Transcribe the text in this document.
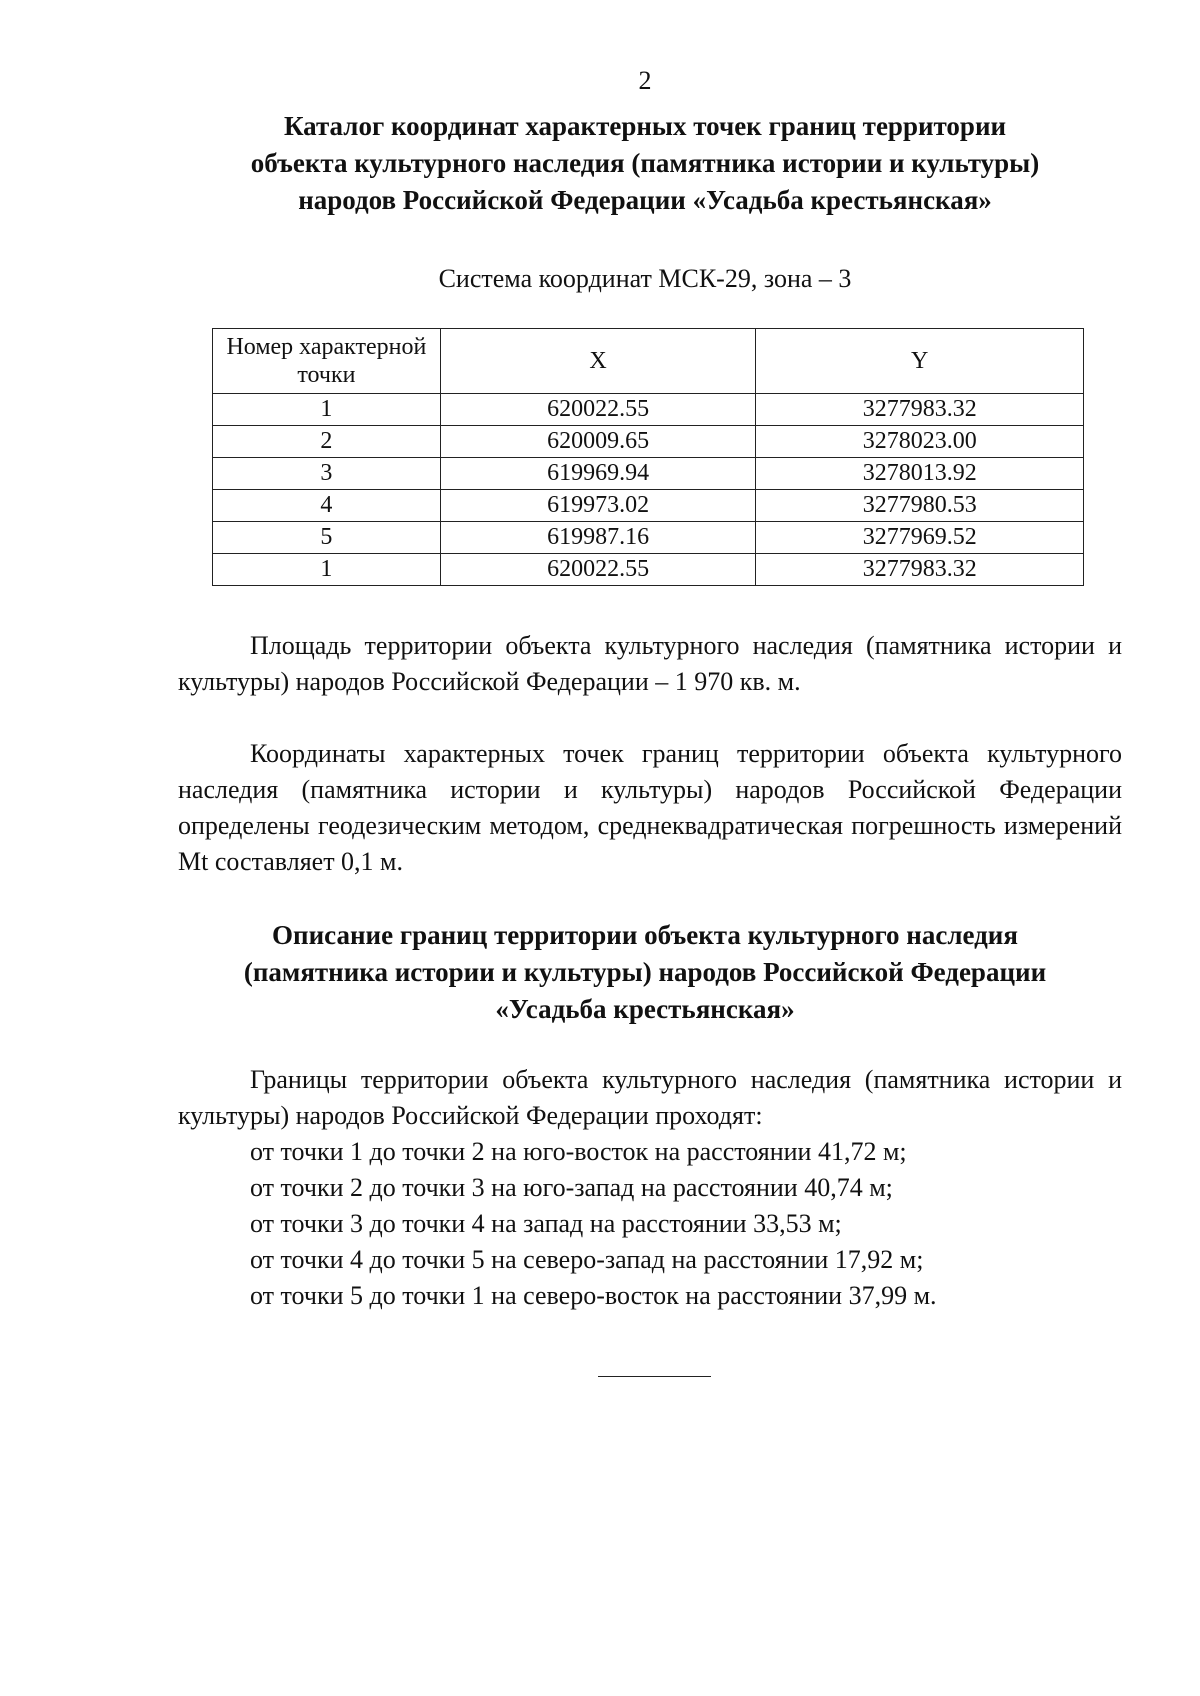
2
Каталог координат характерных точек границ территории
объекта культурного наследия (памятника истории и культуры)
народов Российской Федерации «Усадьба крестьянская»
Система координат МСК-29, зона – 3
Номер характерной точки	X	Y
1	620022.55	3277983.32
2	620009.65	3278023.00
3	619969.94	3278013.92
4	619973.02	3277980.53
5	619987.16	3277969.52
1	620022.55	3277983.32

Площадь территории объекта культурного наследия (памятника истории и культуры) народов Российской Федерации – 1 970 кв. м.

Координаты характерных точек границ территории объекта культурного наследия (памятника истории и культуры) народов Российской Федерации определены геодезическим методом, среднеквадратическая погрешность измерений Mt составляет 0,1 м.

Описание границ территории объекта культурного наследия
(памятника истории и культуры) народов Российской Федерации
«Усадьба крестьянская»

Границы территории объекта культурного наследия (памятника истории и культуры) народов Российской Федерации проходят:

от точки 1 до точки 2 на юго-восток на расстоянии 41,72 м;
от точки 2 до точки 3 на юго-запад на расстоянии 40,74 м;
от точки 3 до точки 4 на запад на расстоянии 33,53 м;
от точки 4 до точки 5 на северо-запад на расстоянии 17,92 м;
от точки 5 до точки 1 на северо-восток на расстоянии 37,99 м.
